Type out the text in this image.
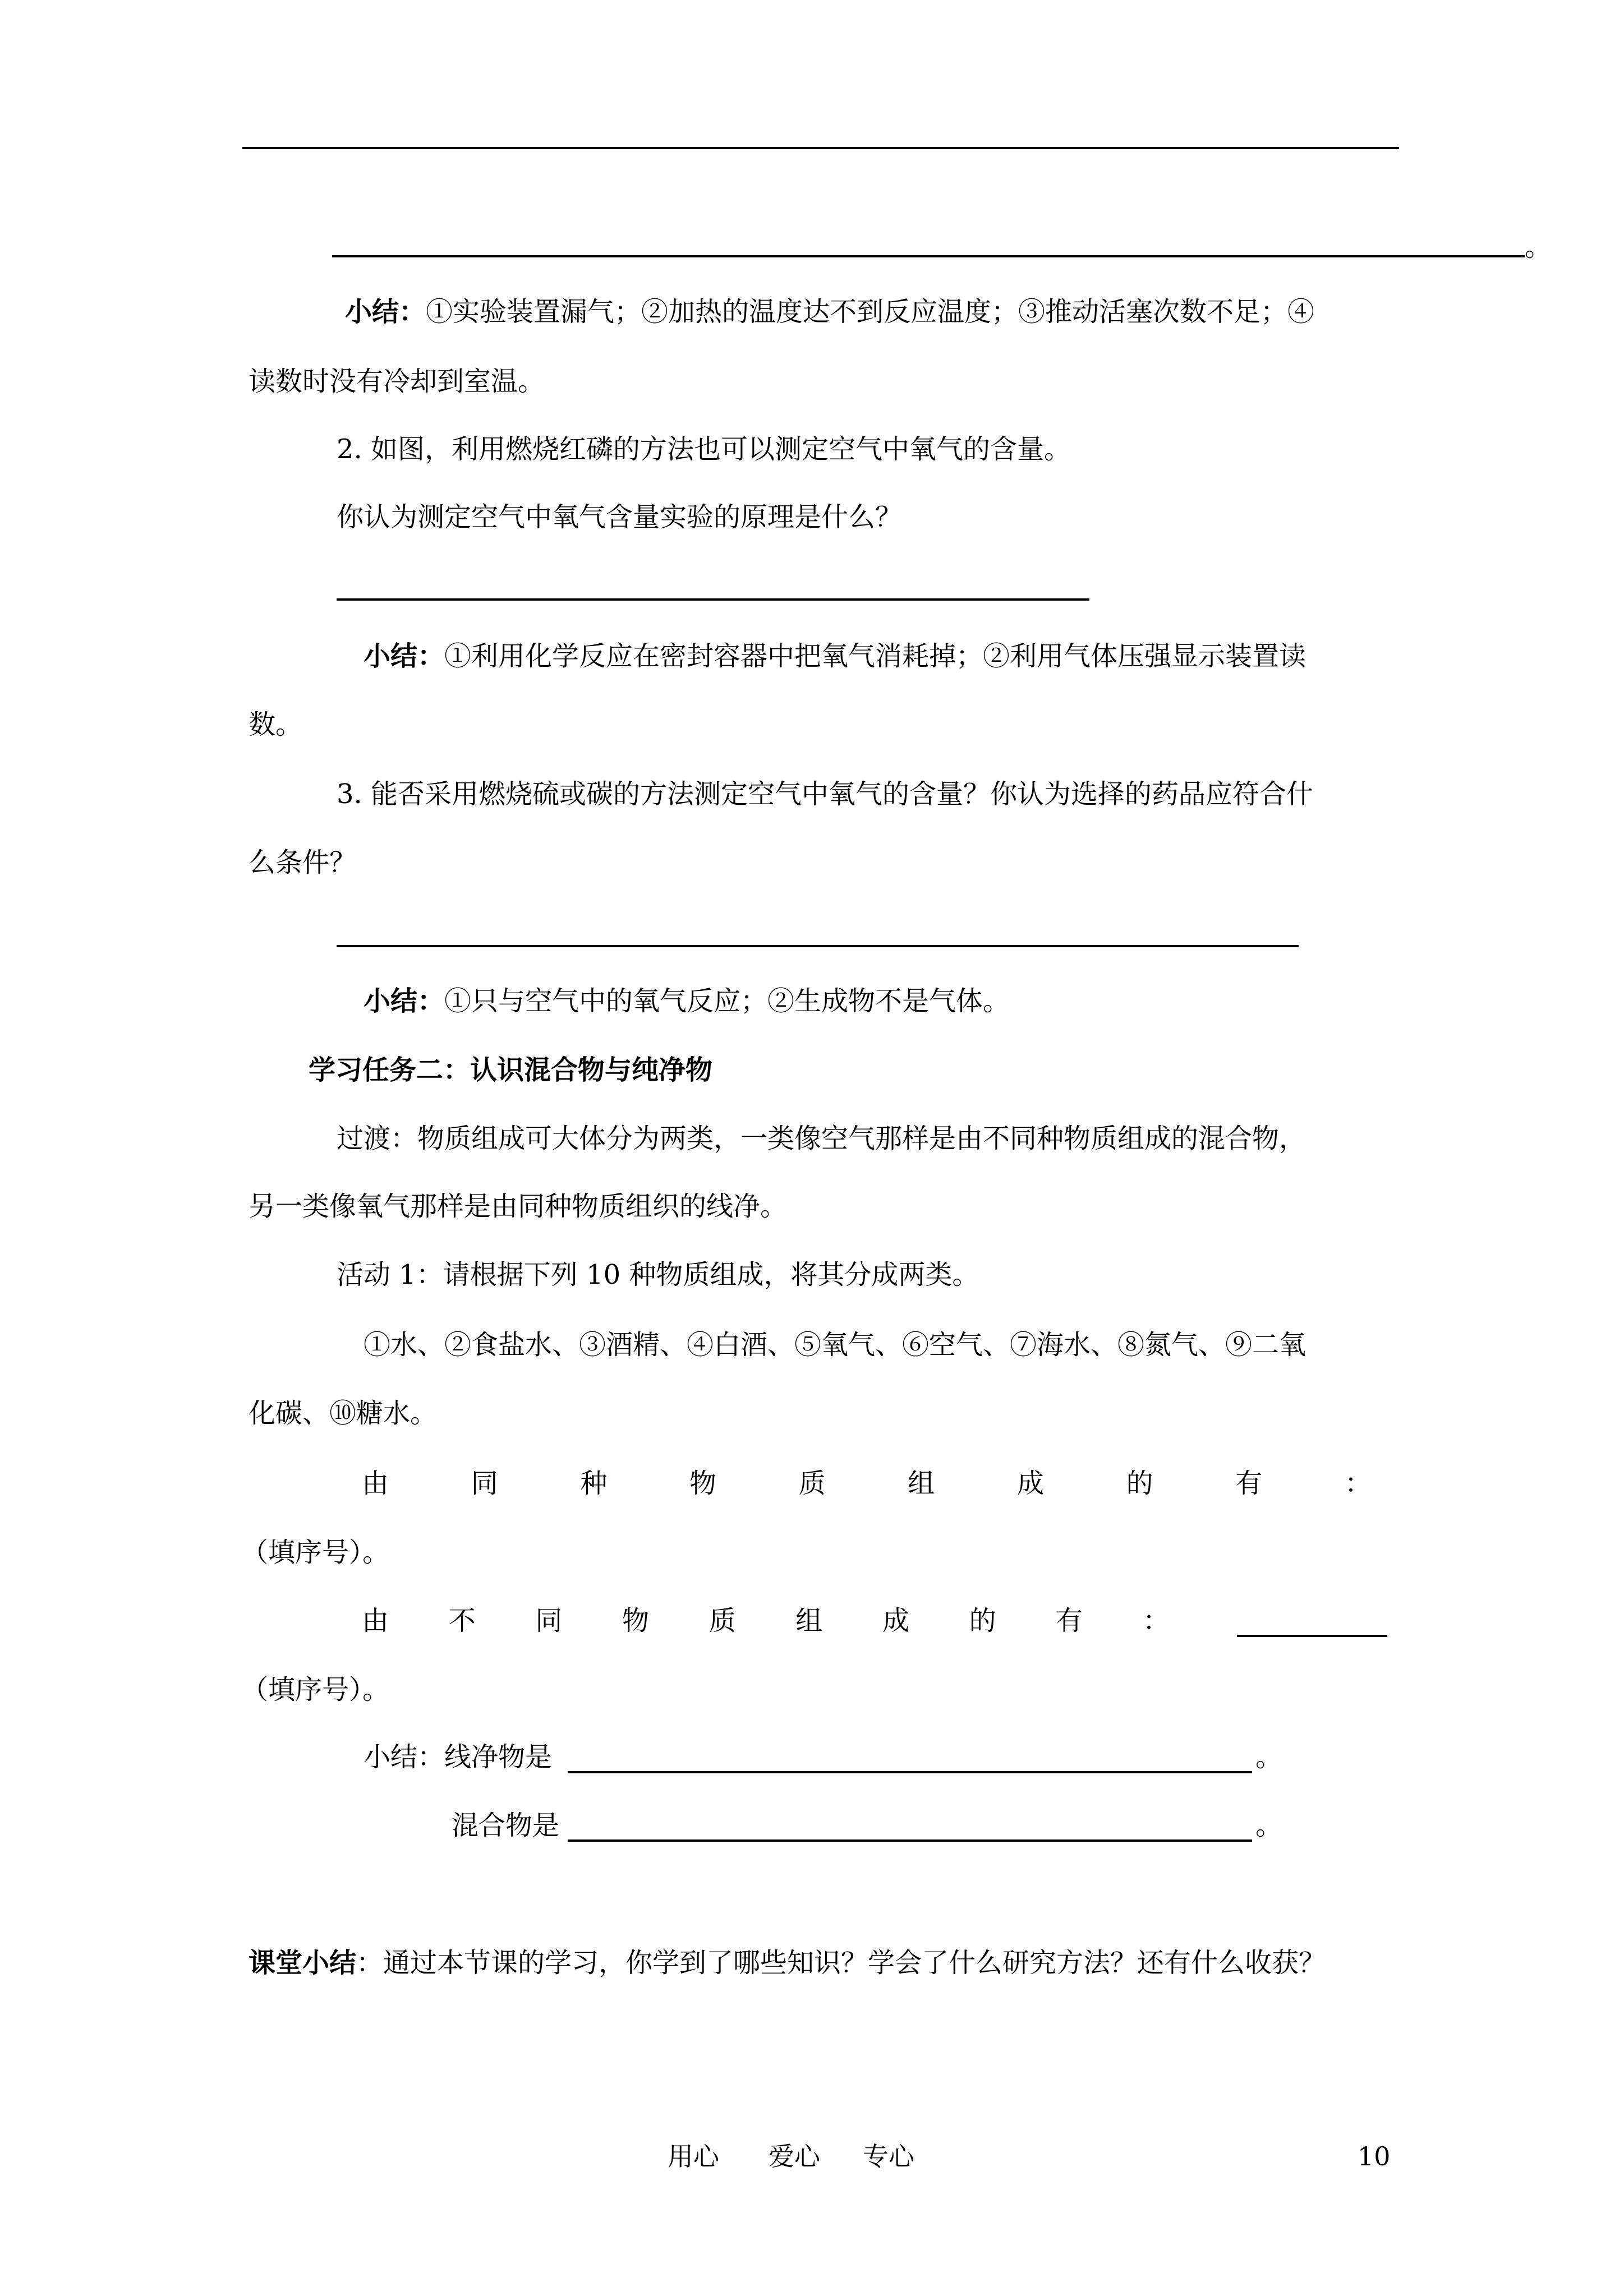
。
小结：①实验装置漏气；②加热的温度达不到反应温度；③推动活塞次数不足；④
读数时没有冷却到室温。
2. 如图，利用燃烧红磷的方法也可以测定空气中氧气的含量。
你认为测定空气中氧气含量实验的原理是什么？
小结：①利用化学反应在密封容器中把氧气消耗掉；②利用气体压强显示装置读
数。
3. 能否采用燃烧硫或碳的方法测定空气中氧气的含量？你认为选择的药品应符合什
么条件？
小结：①只与空气中的氧气反应；②生成物不是气体。
学习任务二：认识混合物与纯净物
过渡：物质组成可大体分为两类，一类像空气那样是由不同种物质组成的混合物，
另一类像氧气那样是由同种物质组织的线净。
活动 1：请根据下列 10 种物质组成，将其分成两类。
①水、②食盐水、③酒精、④白酒、⑤氧气、⑥空气、⑦海水、⑧氮气、⑨二氧
化碳、⑩糖水。
由	同	种	物	质	组	成	的	有	：
（填序号）。
由 不 同 物 质 组 成 的 有 ：
（填序号）。
小结：线净物是	。
混合物是	。
课堂小结：通过本节课的学习，你学到了哪些知识？学会了什么研究方法？还有什么收获？
用心 爱心 专心	10
